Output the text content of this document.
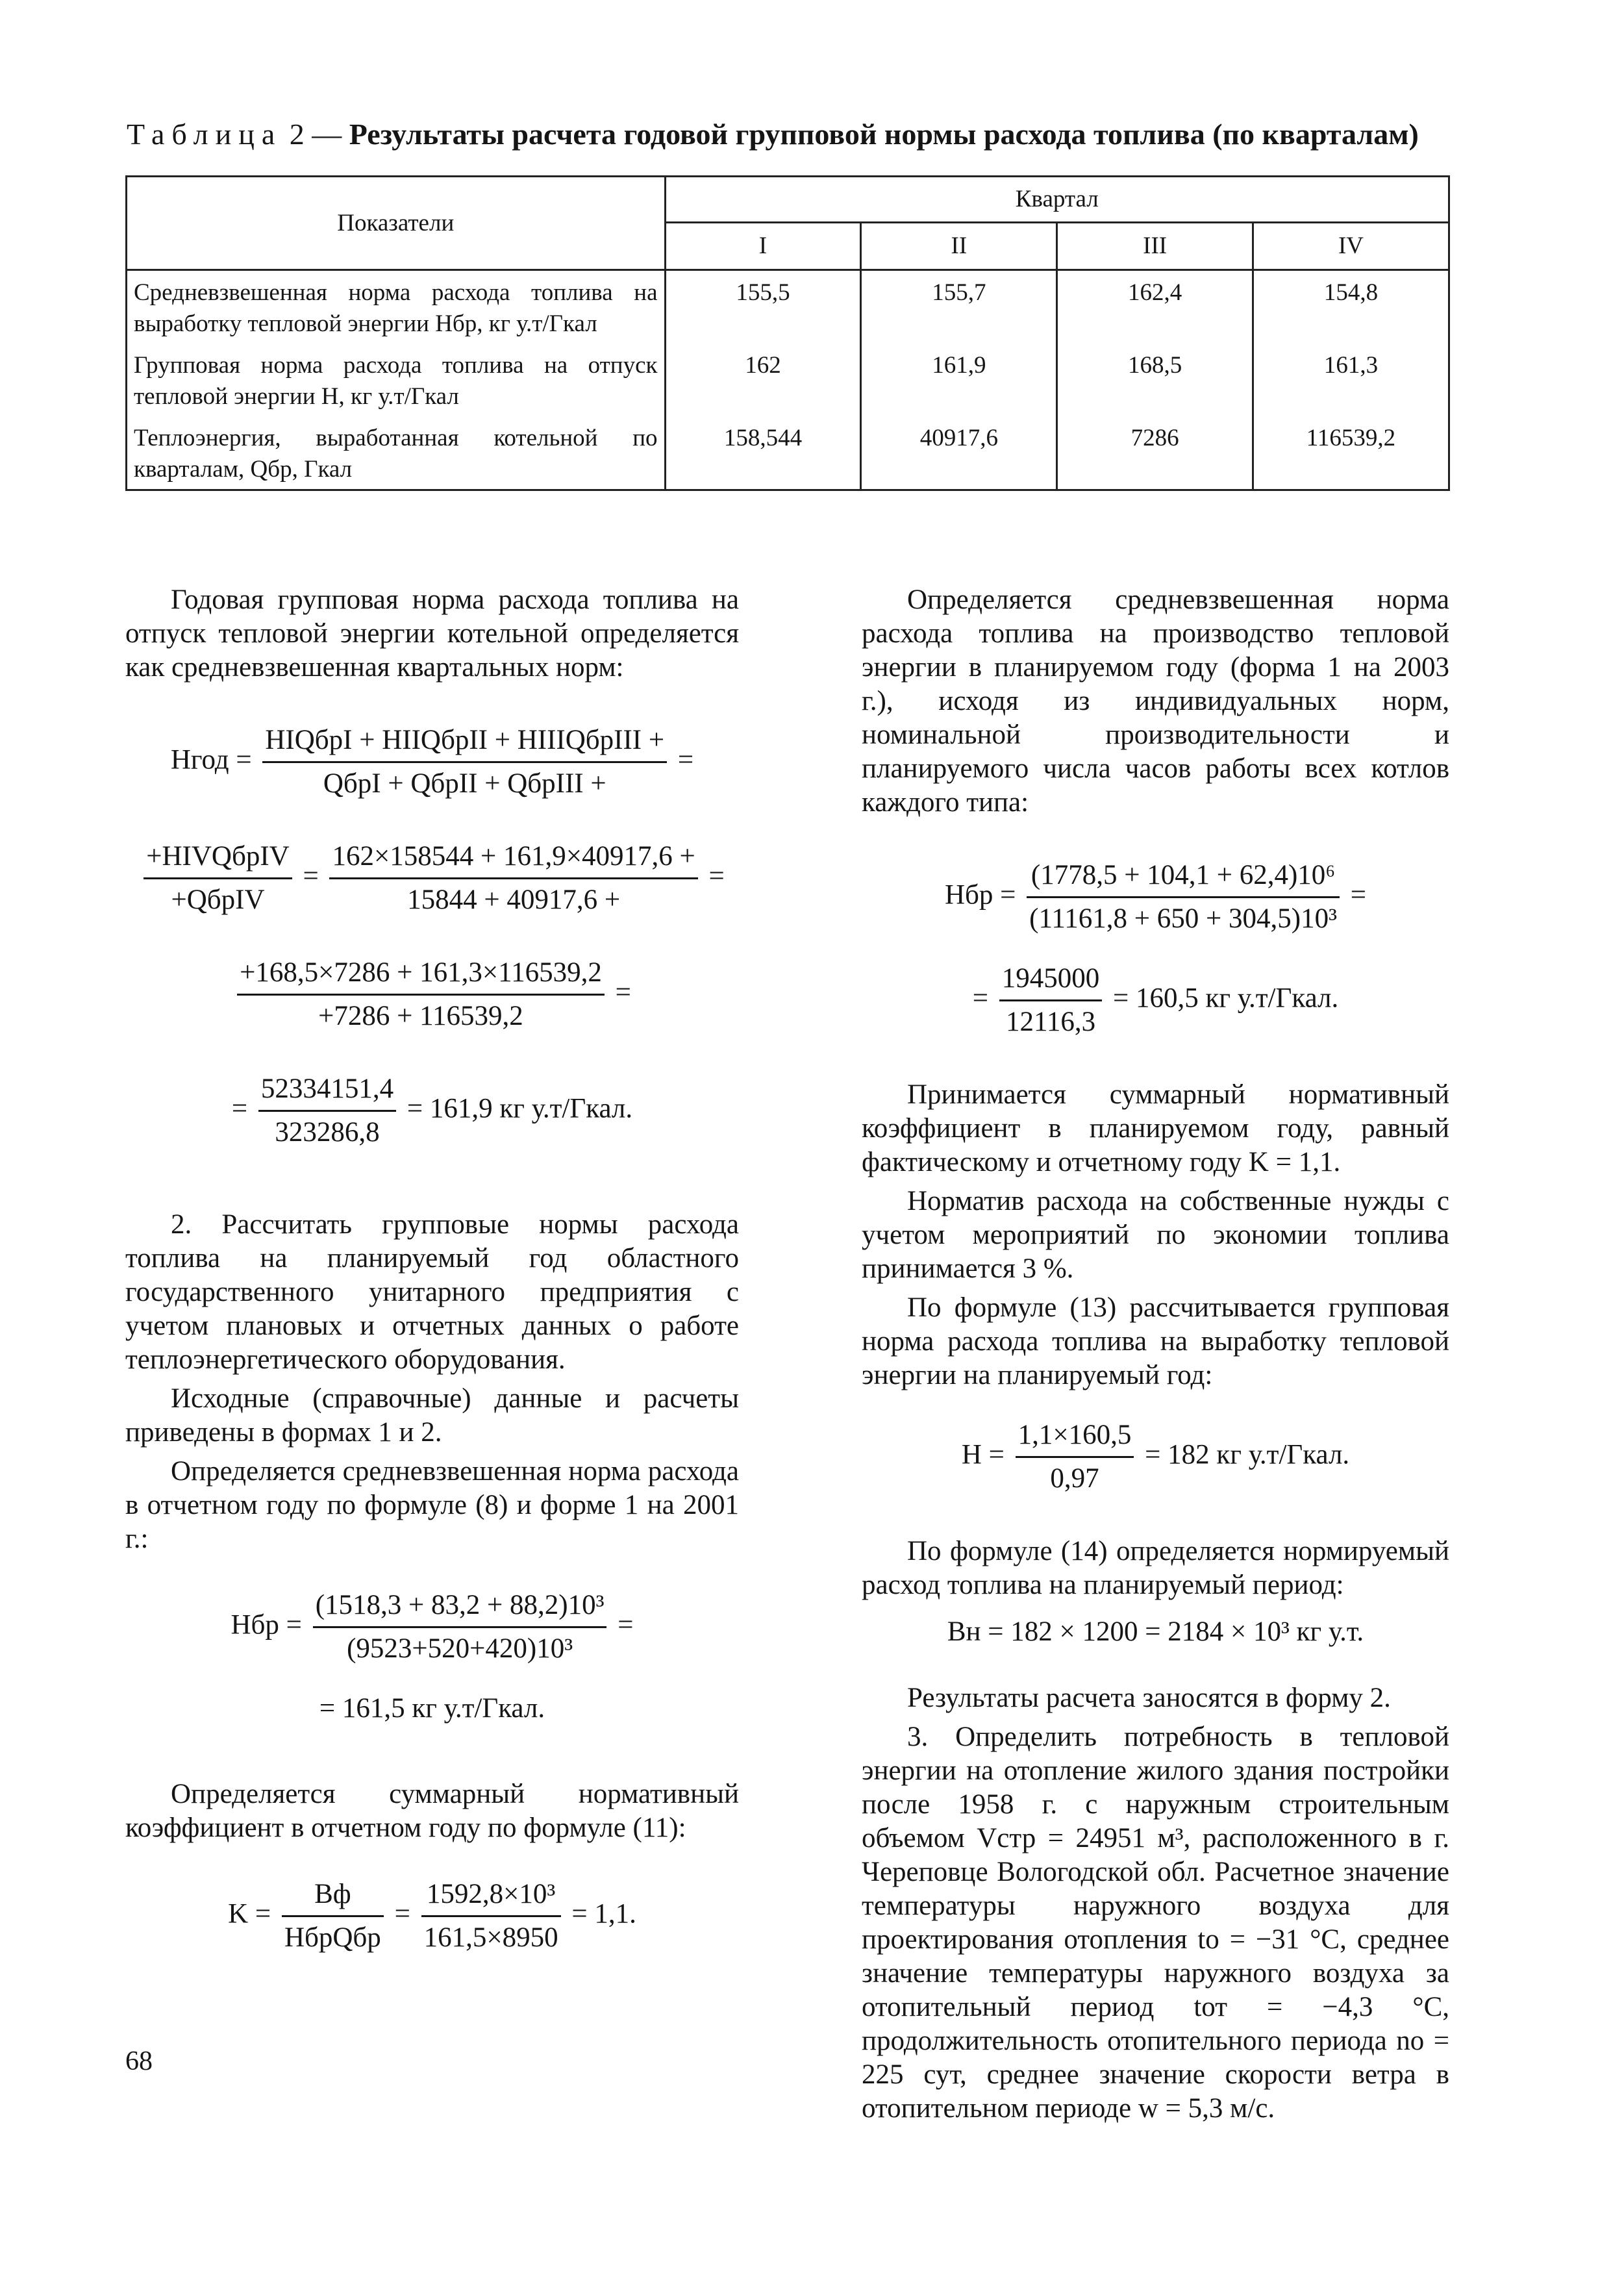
Таблица 2 — Результаты расчета годовой групповой нормы расхода топлива (по кварталам)
Показатели	Квартал			
	I	II	III	IV
Средневзвешенная норма расхода топлива на выработку тепловой энергии Hбр, кг у.т/Гкал	155,5	155,7	162,4	154,8
Групповая норма расхода топлива на отпуск тепловой энергии H, кг у.т/Гкал	162	161,9	168,5	161,3
Теплоэнергия, выработанная котельной по кварталам, Qбр, Гкал	158,544	40917,6	7286	116539,2

Годовая групповая норма расхода топлива на отпуск тепловой энергии котельной определяется как средневзвешенная квартальных норм:

Hгод = $\frac{\text{HIQбрI + HIIQбрII + HIIIQбрIII +}}{\text{QбрI + QбрII + QбрIII +}}$ =
$\frac{\text{+HIVQбрIV}}{\text{+QбрIV}} = \frac{162\times 158544 + 161,9\times 40917,6 +}{15844 + 40917,6 +}$ =
$\frac{+168,5\times 7286 + 161,3\times 116539,2}{+7286 + 116539,2}$ =
= $\frac{52334151,4}{323286,8} = 161,9$ кг у.т/Гкал.

2. Рассчитать групповые нормы расхода топлива на планируемый год областного государственного унитарного предприятия с учетом плановых и отчетных данных о работе теплоэнергетического оборудования.

Исходные (справочные) данные и расчеты приведены в формах 1 и 2.

Определяется средневзвешенная норма расхода в отчетном году по формуле (8) и форме 1 на 2001 г.:

Hбр = $\frac{\text{(1518,3 + 83,2 + 88,2)10³}}{\text{(9523+520+420)10³}}$ =
= 161,5 кг у.т/Гкал.

Определяется суммарный нормативный коэффициент в отчетном году по формуле (11):

$K = \frac{Bф}{\text{HбрQбр}} = \frac{\text{1592,8×10³}}{161,5\times 8950} = 1,1$.

Определяется средневзвешенная норма расхода топлива на производство тепловой энергии в планируемом году (форма 1 на 2003 г.), исходя из индивидуальных норм, номинальной производительности и планируемого числа часов работы всех котлов каждого типа:

Hбр = $\frac{\text{(1778,5 + 104,1 + 62,4)10⁶}}{\text{(11161,8 + 650 + 304,5)10³}}$ =
= $\frac{1945000}{12116,3} = 160,5$ кг у.т/Гкал.

Принимается суммарный нормативный коэффициент в планируемом году, равный фактическому и отчетному году K = 1,1.

Норматив расхода на собственные нужды с учетом мероприятий по экономии топлива принимается 3 %.

По формуле (13) рассчитывается групповая норма расхода топлива на выработку тепловой энергии на планируемый год:

$H = \frac{1,1\times 160,5}{0,97} = 182$ кг у.т/Гкал.

По формуле (14) определяется нормируемый расход топлива на планируемый период:

Bн = 182 × 1200 = 2184 × 10³ кг у.т.

Результаты расчета заносятся в форму 2.

3. Определить потребность в тепловой энергии на отопление жилого здания постройки после 1958 г. с наружным строительным объемом Vстр = 24951 м³, расположенного в г. Череповце Вологодской обл. Расчетное значение температуры наружного воздуха для проектирования отопления tо = −31 °С, среднее значение температуры наружного воздуха за отопительный период tот = −4,3 °С, продолжительность отопительного периода nо = 225 сут, среднее значение скорости ветра в отопительном периоде w = 5,3 м/с.

68
